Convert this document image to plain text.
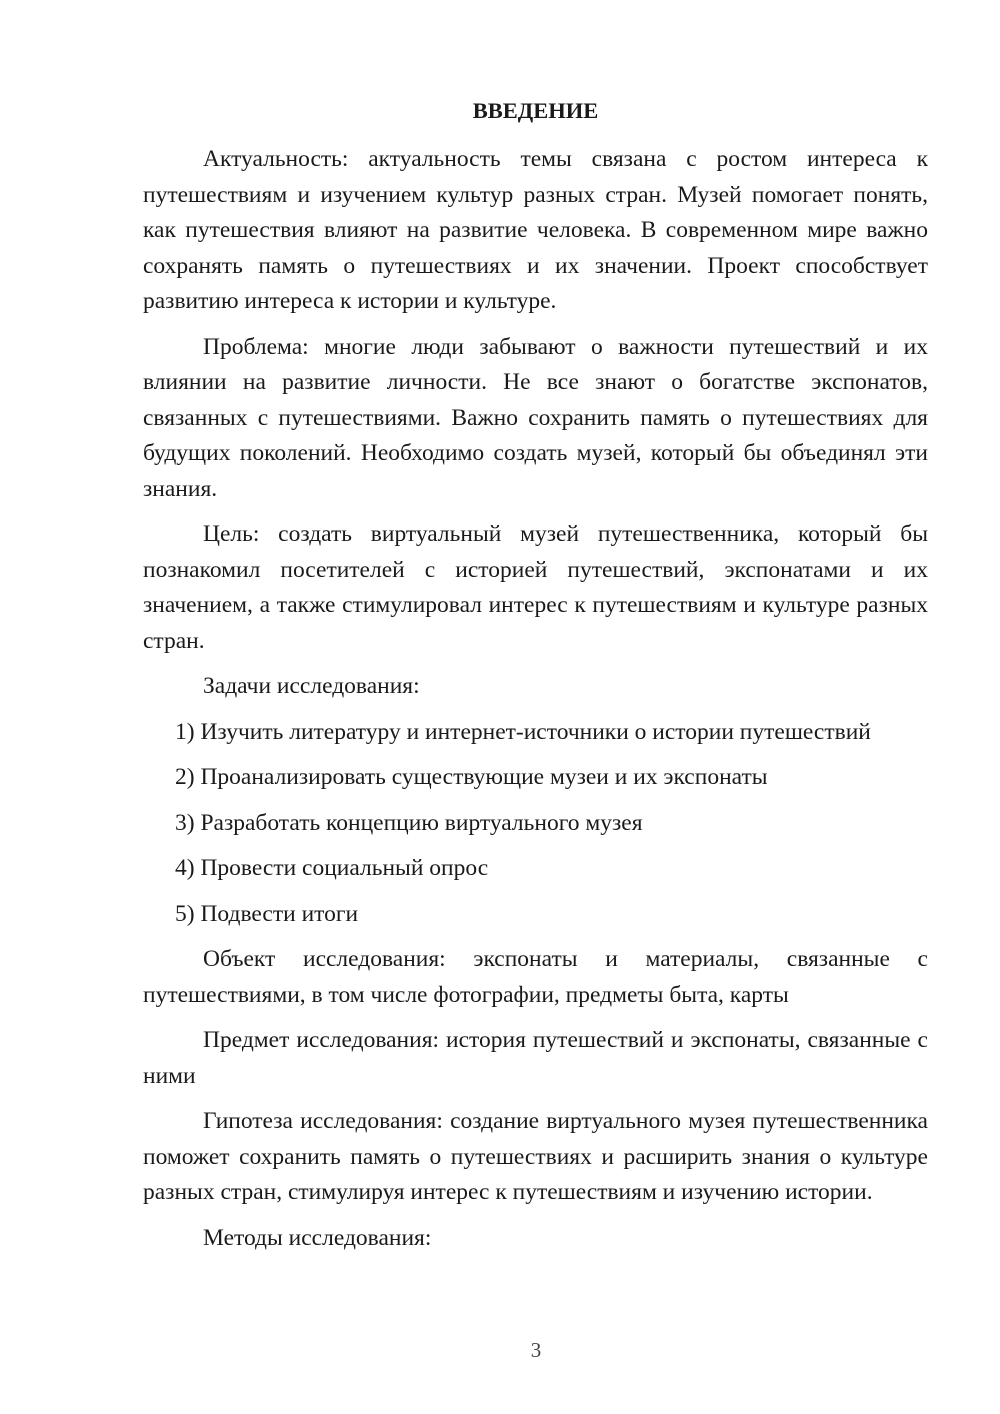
ВВЕДЕНИЕ

Актуальность: актуальность темы связана с ростом интереса к путешествиям и изучением культур разных стран. Музей помогает понять, как путешествия влияют на развитие человека. В современном мире важно сохранять память о путешествиях и их значении. Проект способствует развитию интереса к истории и культуре.

Проблема: многие люди забывают о важности путешествий и их влиянии на развитие личности. Не все знают о богатстве экспонатов, связанных с путешествиями. Важно сохранить память о путешествиях для будущих поколений. Необходимо создать музей, который бы объединял эти знания.

Цель: создать виртуальный музей путешественника, который бы познакомил посетителей с историей путешествий, экспонатами и их значением, а также стимулировал интерес к путешествиям и культуре разных стран.

Задачи исследования:

1) Изучить литературу и интернет-источники о истории путешествий

2) Проанализировать существующие музеи и их экспонаты

3) Разработать концепцию виртуального музея

4) Провести социальный опрос

5) Подвести итоги

Объект исследования: экспонаты и материалы, связанные с путешествиями, в том числе фотографии, предметы быта, карты

Предмет исследования: история путешествий и экспонаты, связанные с ними

Гипотеза исследования: создание виртуального музея путешественника поможет сохранить память о путешествиях и расширить знания о культуре разных стран, стимулируя интерес к путешествиям и изучению истории.

Методы исследования:

3
